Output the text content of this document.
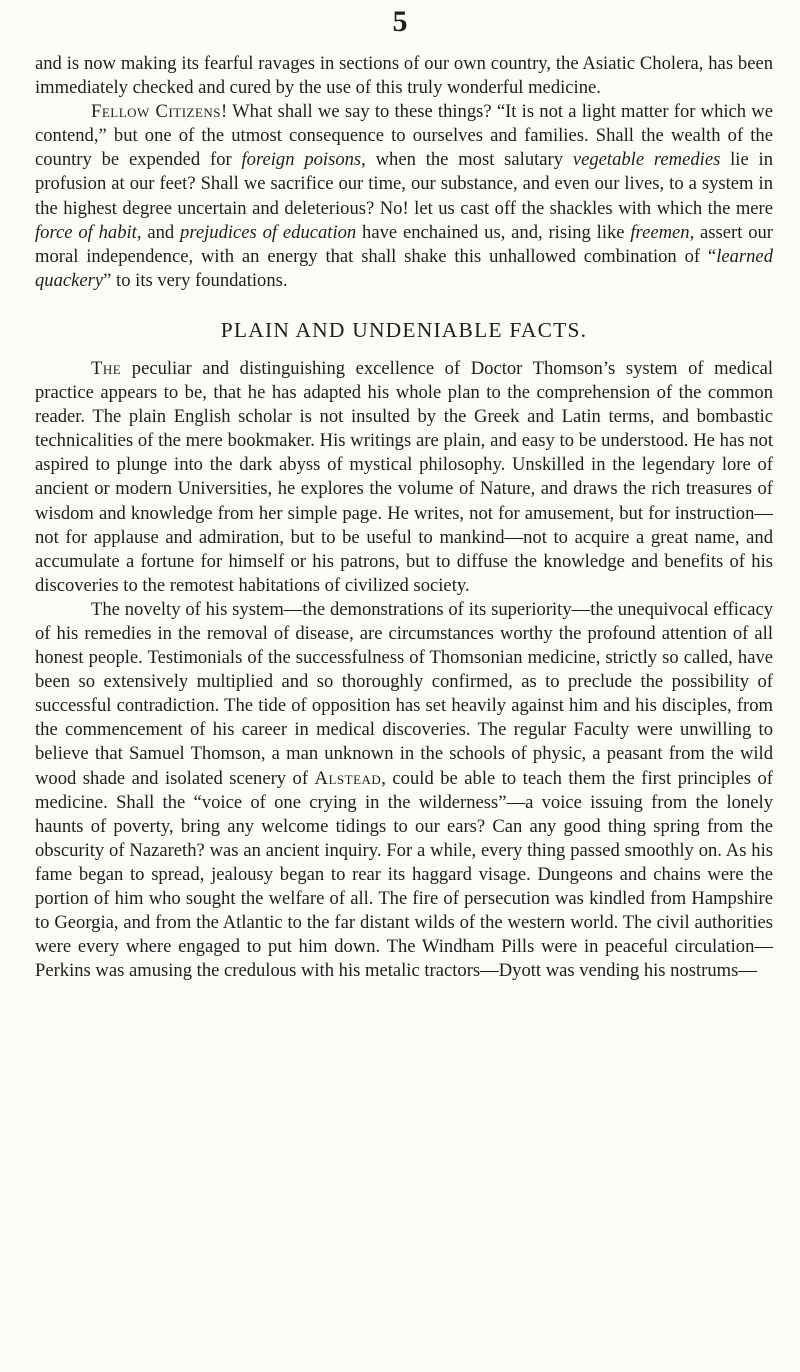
5

and is now making its fearful ravages in sections of our own country, the Asiatic Cholera, has been immediately checked and cured by the use of this truly wonderful medicine.

Fellow Citizens! What shall we say to these things? “It is not a light matter for which we contend,” but one of the utmost consequence to ourselves and families. Shall the wealth of the country be expended for foreign poisons, when the most salutary vegetable remedies lie in profusion at our feet? Shall we sacrifice our time, our substance, and even our lives, to a system in the highest degree uncertain and deleterious? No! let us cast off the shackles with which the mere force of habit, and prejudices of education have enchained us, and, rising like freemen, assert our moral independence, with an energy that shall shake this unhallowed combination of “learned quackery” to its very foundations.

PLAIN AND UNDENIABLE FACTS.

The peculiar and distinguishing excellence of Doctor Thomson’s system of medical practice appears to be, that he has adapted his whole plan to the comprehension of the common reader. The plain English scholar is not insulted by the Greek and Latin terms, and bombastic technicalities of the mere bookmaker. His writings are plain, and easy to be understood. He has not aspired to plunge into the dark abyss of mystical philosophy. Unskilled in the legendary lore of ancient or modern Universities, he explores the volume of Nature, and draws the rich treasures of wisdom and knowledge from her simple page. He writes, not for amusement, but for instruction—not for applause and admiration, but to be useful to mankind—not to acquire a great name, and accumulate a fortune for himself or his patrons, but to diffuse the knowledge and benefits of his discoveries to the remotest habitations of civilized society.

The novelty of his system—the demonstrations of its superiority—the unequivocal efficacy of his remedies in the removal of disease, are circumstances worthy the profound attention of all honest people. Testimonials of the successfulness of Thomsonian medicine, strictly so called, have been so extensively multiplied and so thoroughly confirmed, as to preclude the possibility of successful contradiction. The tide of opposition has set heavily against him and his disciples, from the commencement of his career in medical discoveries. The regular Faculty were unwilling to believe that Samuel Thomson, a man unknown in the schools of physic, a peasant from the wild wood shade and isolated scenery of Alstead, could be able to teach them the first principles of medicine. Shall the “voice of one crying in the wilderness”—a voice issuing from the lonely haunts of poverty, bring any welcome tidings to our ears? Can any good thing spring from the obscurity of Nazareth? was an ancient inquiry. For a while, every thing passed smoothly on. As his fame began to spread, jealousy began to rear its haggard visage. Dungeons and chains were the portion of him who sought the welfare of all. The fire of persecution was kindled from Hampshire to Georgia, and from the Atlantic to the far distant wilds of the western world. The civil authorities were every where engaged to put him down. The Windham Pills were in peaceful circulation—Perkins was amusing the credulous with his metalic tractors—Dyott was vending his nostrums—
